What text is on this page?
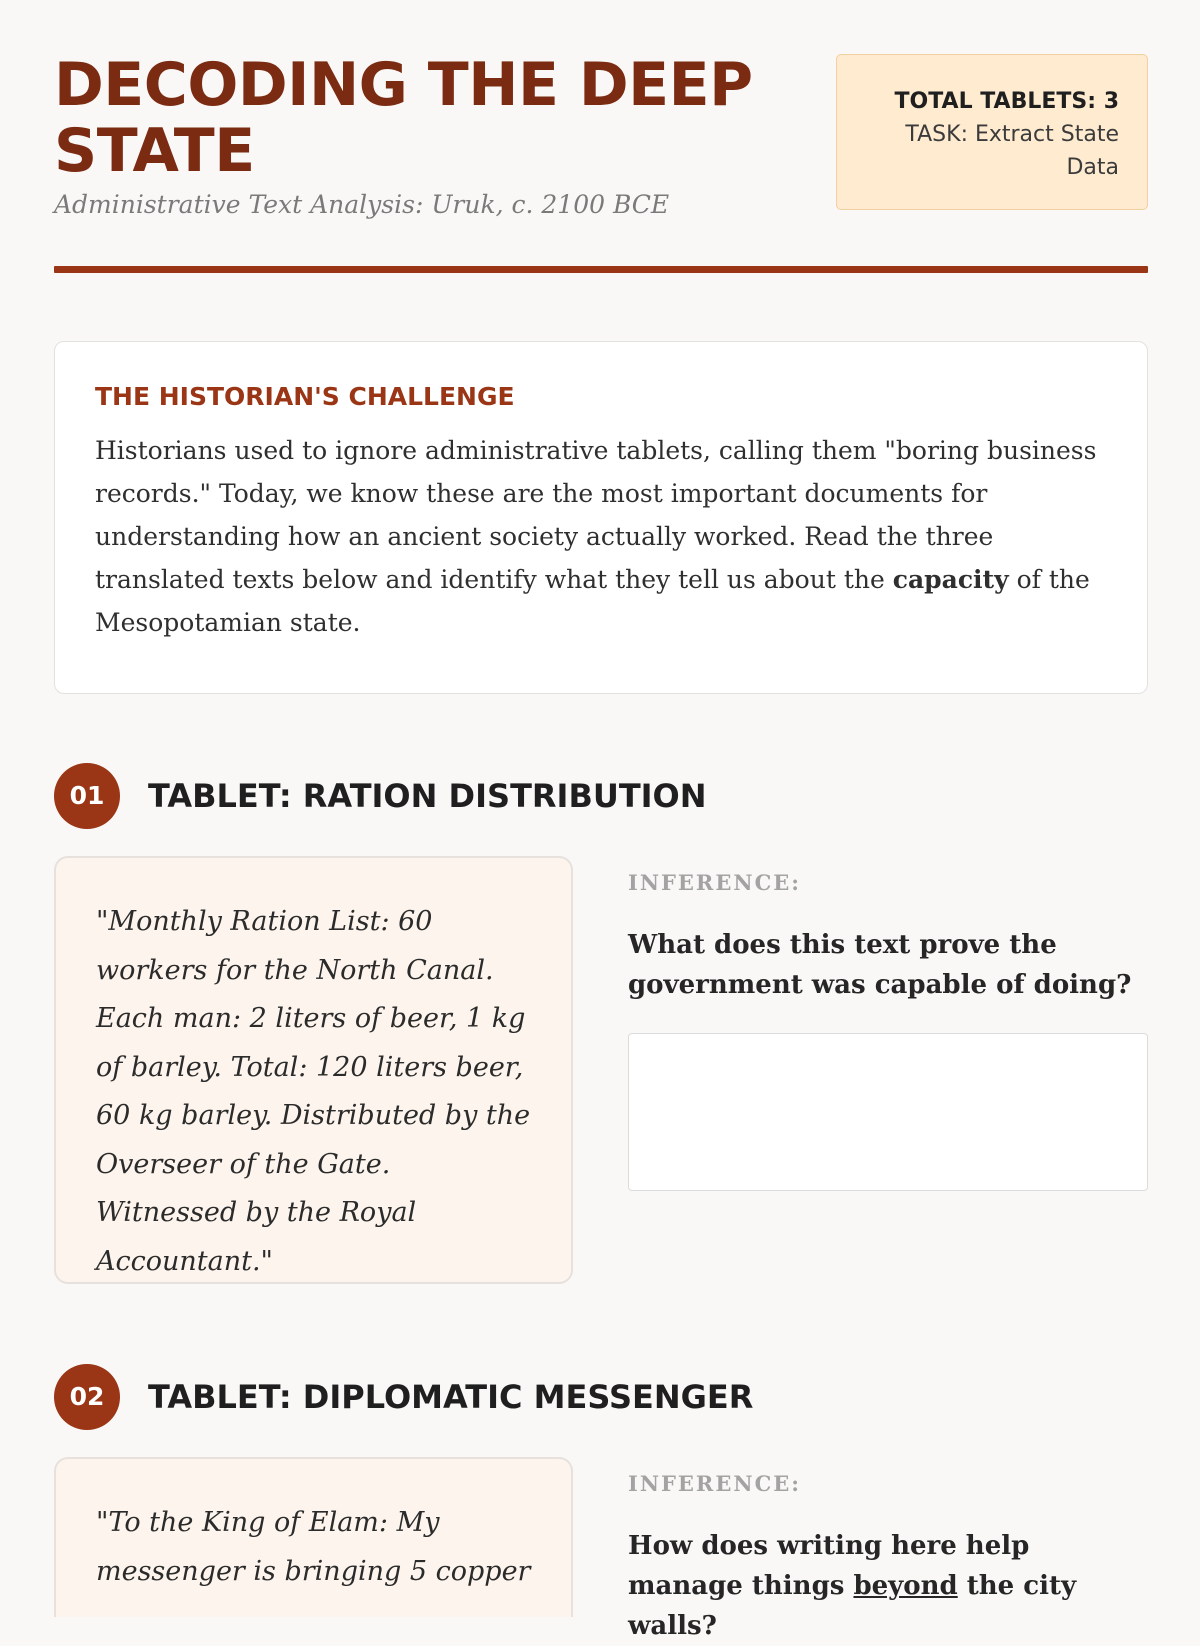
DECODING THE DEEP STATE
Administrative Text Analysis: Uruk, c. 2100 BCE
TOTAL TABLETS: 3
TASK: Extract State Data
THE HISTORIAN'S CHALLENGE

Historians used to ignore administrative tablets, calling them "boring business records." Today, we know these are the most important documents for understanding how an ancient society actually worked. Read the three translated texts below and identify what they tell us about the capacity of the Mesopotamian state.

01	TABLET: RATION DISTRIBUTION
"Monthly Ration List: 60 workers for the North Canal. Each man: 2 liters of beer, 1 kg of barley. Total: 120 liters beer, 60 kg barley. Distributed by the Overseer of the Gate. Witnessed by the Royal Accountant."
INFERENCE:
What does this text prove the government was capable of doing?
02	TABLET: DIPLOMATIC MESSENGER
"To the King of Elam: My messenger is bringing 5 copper
INFERENCE:
How does writing here help manage things beyond the city walls?
